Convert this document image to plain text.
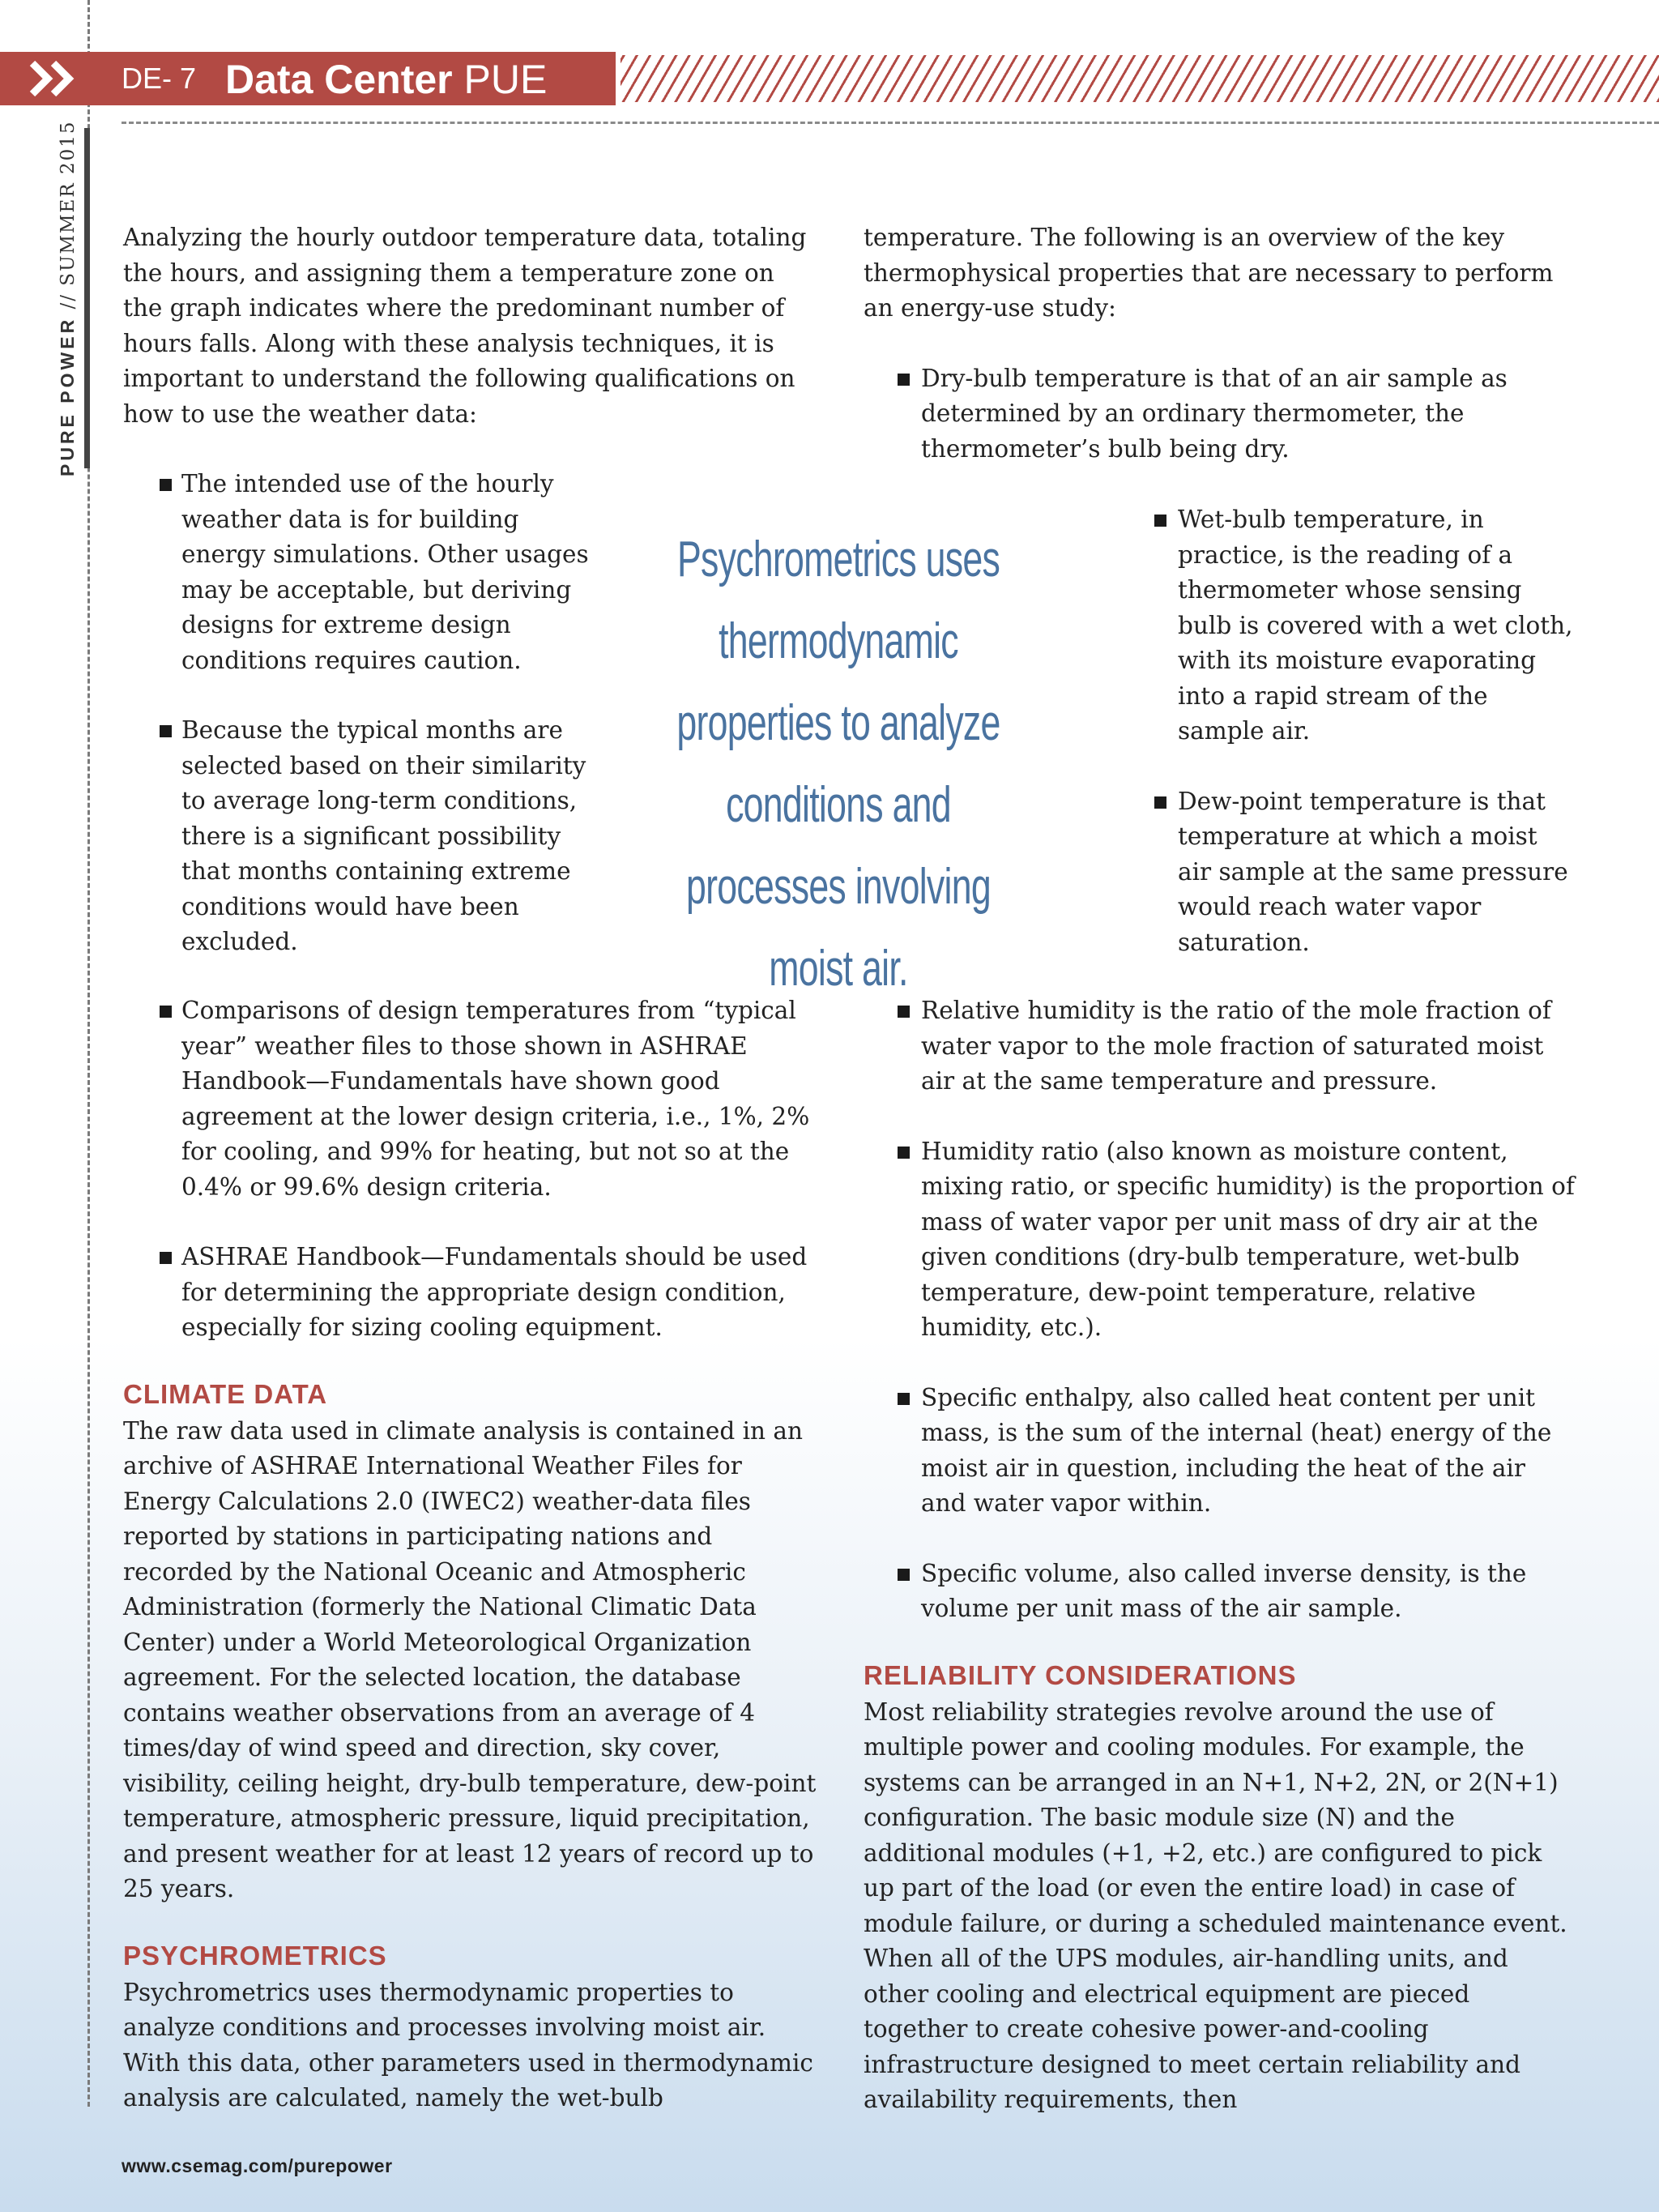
DE- 7 Data Center PUE
PURE POWER // SUMMER 2015 Analyzing the hourly outdoor temperature data, totaling the hours, and assigning them a temperature zone on the graph indicates where the predominant number of hours falls. Along with these analysis techniques, it is important to understand the following qualifications on how to use the weather data:

The intended use of the hourly weather data is for building energy simulations. Other usages may be acceptable, but deriving designs for extreme design conditions requires caution.
Because the typical months are selected based on their similarity to average long-term conditions, there is a significant possibility that months containing extreme conditions would have been excluded.
Comparisons of design temperatures from “typical year” weather files to those shown in ASHRAE Handbook—Fundamentals have shown good agreement at the lower design criteria, i.e., 1%, 2% for cooling, and 99% for heating, but not so at the 0.4% or 99.6% design criteria.
ASHRAE Handbook—Fundamentals should be used for determining the appropriate design condition, especially for sizing cooling equipment.

CLIMATE DATA

The raw data used in climate analysis is contained in an archive of ASHRAE International Weather Files for Energy Calculations 2.0 (IWEC2) weather-data files reported by stations in participating nations and recorded by the National Oceanic and Atmospheric Administration (formerly the National Climatic Data Center) under a World Meteorological Organization agreement. For the selected location, the database contains weather observations from an average of 4 times/day of wind speed and direction, sky cover, visibility, ceiling height, dry-bulb temperature, dew-point temperature, atmospheric pressure, liquid precipitation, and present weather for at least 12 years of record up to 25 years.

PSYCHROMETRICS

Psychrometrics uses thermodynamic properties to analyze conditions and processes involving moist air. With this data, other parameters used in thermodynamic analysis are calculated, namely the wet-bulb

Psychrometrics uses thermodynamic properties to analyze conditions and processes involving moist air.

temperature. The following is an overview of the key thermophysical properties that are necessary to perform an energy-use study:

Dry-bulb temperature is that of an air sample as determined by an ordinary thermometer, the thermometer’s bulb being dry.
Wet-bulb temperature, in practice, is the reading of a thermometer whose sensing bulb is covered with a wet cloth, with its moisture evaporating into a rapid stream of the sample air.
Dew-point temperature is that temperature at which a moist air sample at the same pressure would reach water vapor saturation.
Relative humidity is the ratio of the mole fraction of water vapor to the mole fraction of saturated moist air at the same temperature and pressure.
Humidity ratio (also known as moisture content, mixing ratio, or specific humidity) is the proportion of mass of water vapor per unit mass of dry air at the given conditions (dry-bulb temperature, wet-bulb temperature, dew-point temperature, relative humidity, etc.).
Specific enthalpy, also called heat content per unit mass, is the sum of the internal (heat) energy of the moist air in question, including the heat of the air and water vapor within.
Specific volume, also called inverse density, is the volume per unit mass of the air sample.

RELIABILITY CONSIDERATIONS

Most reliability strategies revolve around the use of multiple power and cooling modules. For example, the systems can be arranged in an N+1, N+2, 2N, or 2(N+1) configuration. The basic module size (N) and the additional modules (+1, +2, etc.) are configured to pick up part of the load (or even the entire load) in case of module failure, or during a scheduled maintenance event. When all of the UPS modules, air-handling units, and other cooling and electrical equipment are pieced together to create cohesive power-and-cooling infrastructure designed to meet certain reliability and availability requirements, then

www.csemag.com/purepower
